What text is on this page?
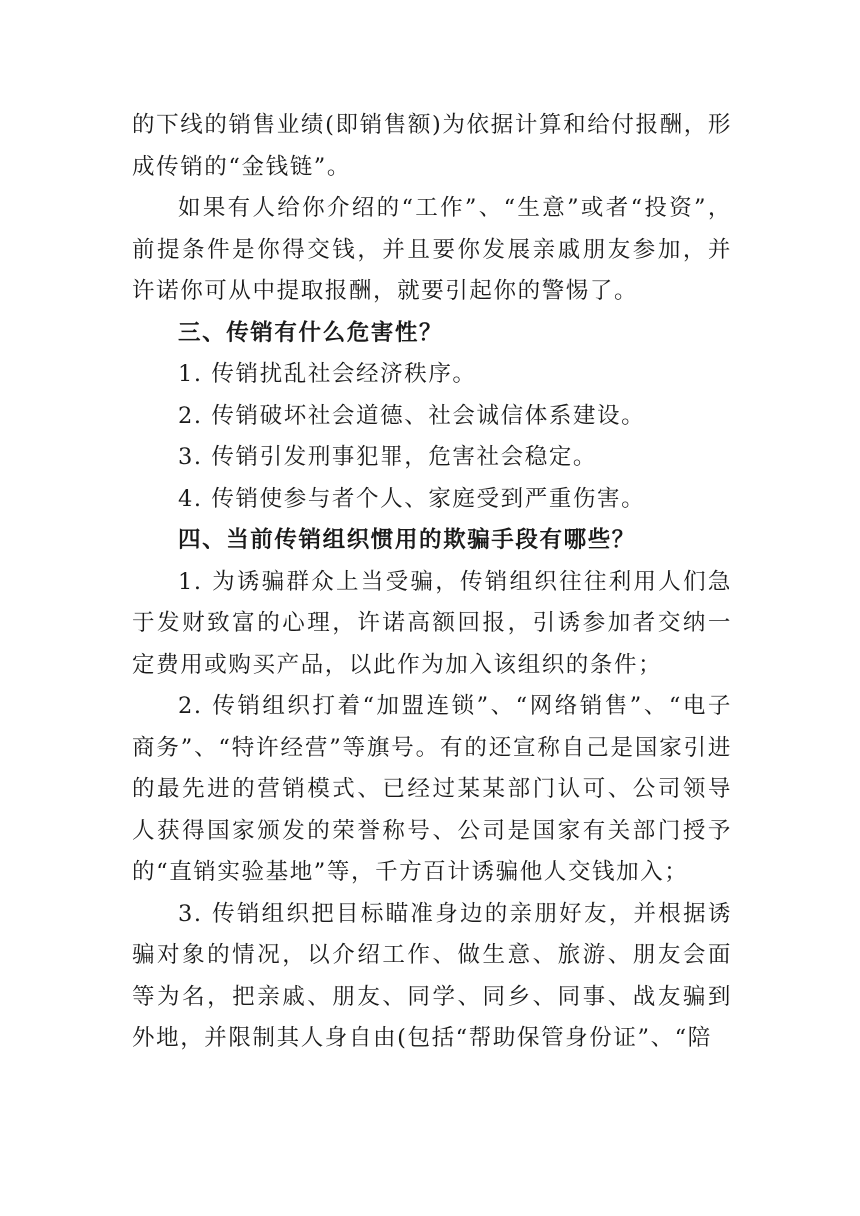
的下线的销售业绩(即销售额)为依据计算和给付报酬，形成传销的“金钱链”。

如果有人给你介绍的“工作”、“生意”或者“投资”，前提条件是你得交钱，并且要你发展亲戚朋友参加，并许诺你可从中提取报酬，就要引起你的警惕了。

三、传销有什么危害性？

1. 传销扰乱社会经济秩序。

2. 传销破坏社会道德、社会诚信体系建设。

3. 传销引发刑事犯罪，危害社会稳定。

4. 传销使参与者个人、家庭受到严重伤害。

四、当前传销组织惯用的欺骗手段有哪些？

1. 为诱骗群众上当受骗，传销组织往往利用人们急于发财致富的心理，许诺高额回报，引诱参加者交纳一定费用或购买产品，以此作为加入该组织的条件；

2. 传销组织打着“加盟连锁”、“网络销售”、“电子商务”、“特许经营”等旗号。有的还宣称自己是国家引进的最先进的营销模式、已经过某某部门认可、公司领导人获得国家颁发的荣誉称号、公司是国家有关部门授予的“直销实验基地”等，千方百计诱骗他人交钱加入；

3. 传销组织把目标瞄准身边的亲朋好友，并根据诱骗对象的情况，以介绍工作、做生意、旅游、朋友会面等为名，把亲戚、朋友、同学、同乡、同事、战友骗到外地，并限制其人身自由(包括“帮助保管身份证”、“陪
